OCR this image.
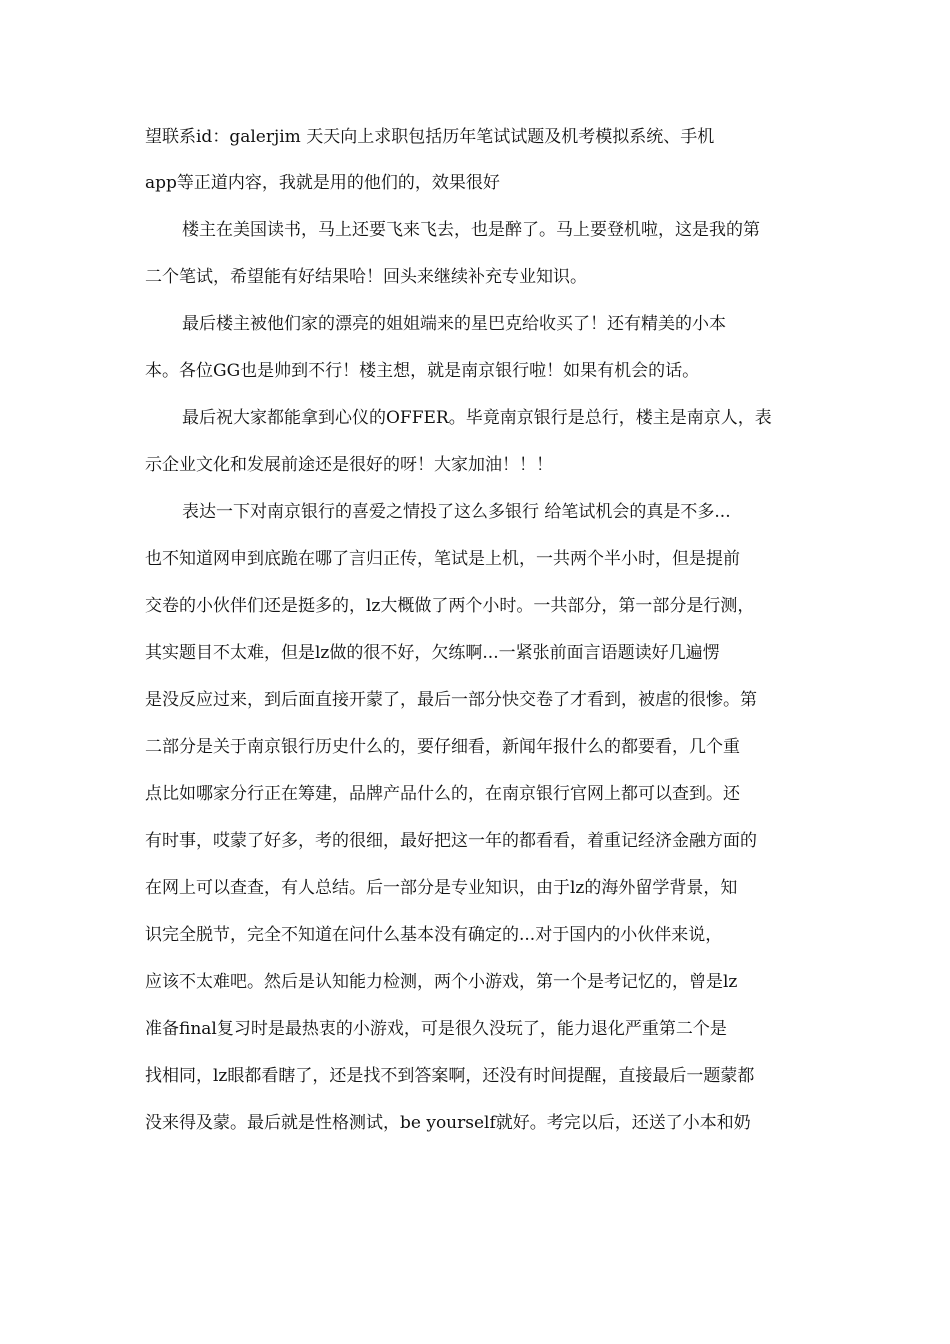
望联系id：galerjim 天天向上求职包括历年笔试试题及机考模拟系统、手机
app等正道内容，我就是用的他们的，效果很好
楼主在美国读书，马上还要飞来飞去，也是醉了。马上要登机啦，这是我的第
二个笔试，希望能有好结果哈！回头来继续补充专业知识。
最后楼主被他们家的漂亮的姐姐端来的星巴克给收买了！还有精美的小本
本。各位GG也是帅到不行！楼主想，就是南京银行啦！如果有机会的话。
最后祝大家都能拿到心仪的OFFER。毕竟南京银行是总行，楼主是南京人，表
示企业文化和发展前途还是很好的呀！大家加油！！！
表达一下对南京银行的喜爱之情投了这么多银行 给笔试机会的真是不多...
也不知道网申到底跪在哪了言归正传，笔试是上机，一共两个半小时，但是提前
交卷的小伙伴们还是挺多的，lz大概做了两个小时。一共部分，第一部分是行测，
其实题目不太难，但是lz做的很不好，欠练啊...一紧张前面言语题读好几遍愣
是没反应过来，到后面直接开蒙了，最后一部分快交卷了才看到，被虐的很惨。第
二部分是关于南京银行历史什么的，要仔细看，新闻年报什么的都要看，几个重
点比如哪家分行正在筹建，品牌产品什么的，在南京银行官网上都可以查到。还
有时事，哎蒙了好多，考的很细，最好把这一年的都看看，着重记经济金融方面的
在网上可以查查，有人总结。后一部分是专业知识，由于lz的海外留学背景，知
识完全脱节，完全不知道在问什么基本没有确定的...对于国内的小伙伴来说，
应该不太难吧。然后是认知能力检测，两个小游戏，第一个是考记忆的，曾是lz
准备final复习时是最热衷的小游戏，可是很久没玩了，能力退化严重第二个是
找相同，lz眼都看瞎了，还是找不到答案啊，还没有时间提醒，直接最后一题蒙都
没来得及蒙。最后就是性格测试，be yourself就好。考完以后，还送了小本和奶
